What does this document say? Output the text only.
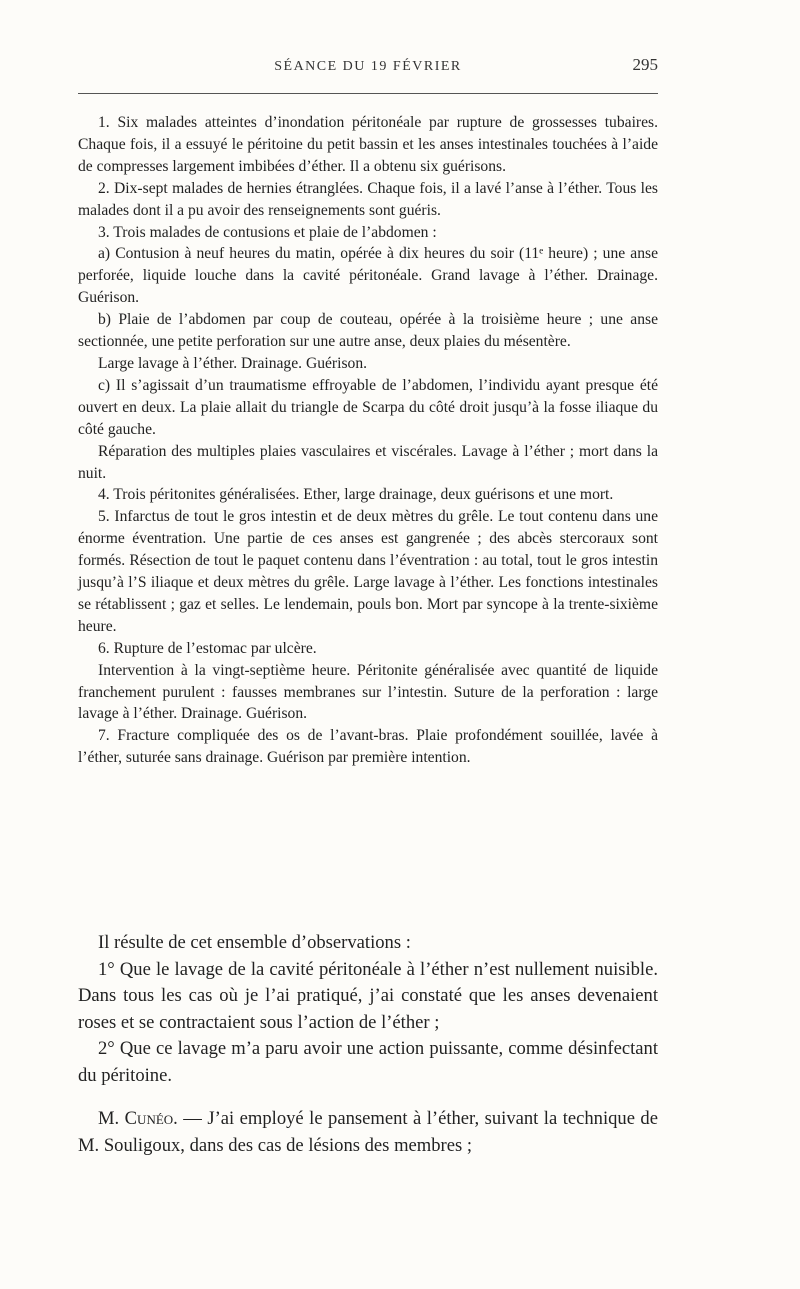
SÉANCE DU 19 FÉVRIER	295

1. Six malades atteintes d’inondation péritonéale par rupture de grossesses tubaires. Chaque fois, il a essuyé le péritoine du petit bassin et les anses intestinales touchées à l’aide de compresses largement imbibées d’éther. Il a obtenu six guérisons.

2. Dix-sept malades de hernies étranglées. Chaque fois, il a lavé l’anse à l’éther. Tous les malades dont il a pu avoir des renseignements sont guéris.

3. Trois malades de contusions et plaie de l’abdomen :

a) Contusion à neuf heures du matin, opérée à dix heures du soir (11ᵉ heure) ; une anse perforée, liquide louche dans la cavité péritonéale. Grand lavage à l’éther. Drainage. Guérison.

b) Plaie de l’abdomen par coup de couteau, opérée à la troisième heure ; une anse sectionnée, une petite perforation sur une autre anse, deux plaies du mésentère.

Large lavage à l’éther. Drainage. Guérison.

c) Il s’agissait d’un traumatisme effroyable de l’abdomen, l’individu ayant presque été ouvert en deux. La plaie allait du triangle de Scarpa du côté droit jusqu’à la fosse iliaque du côté gauche.

Réparation des multiples plaies vasculaires et viscérales. Lavage à l’éther ; mort dans la nuit.

4. Trois péritonites généralisées. Ether, large drainage, deux guérisons et une mort.

5. Infarctus de tout le gros intestin et de deux mètres du grêle. Le tout contenu dans une énorme éventration. Une partie de ces anses est gangrenée ; des abcès stercoraux sont formés. Résection de tout le paquet contenu dans l’éventration : au total, tout le gros intestin jusqu’à l’S iliaque et deux mètres du grêle. Large lavage à l’éther. Les fonctions intestinales se rétablissent ; gaz et selles. Le lendemain, pouls bon. Mort par syncope à la trente-sixième heure.

6. Rupture de l’estomac par ulcère.

Intervention à la vingt-septième heure. Péritonite généralisée avec quantité de liquide franchement purulent : fausses membranes sur l’intestin. Suture de la perforation : large lavage à l’éther. Drainage. Guérison.

7. Fracture compliquée des os de l’avant-bras. Plaie profondément souillée, lavée à l’éther, suturée sans drainage. Guérison par première intention.

Il résulte de cet ensemble d’observations :

1° Que le lavage de la cavité péritonéale à l’éther n’est nullement nuisible. Dans tous les cas où je l’ai pratiqué, j’ai constaté que les anses devenaient roses et se contractaient sous l’action de l’éther ;

2° Que ce lavage m’a paru avoir une action puissante, comme désinfectant du péritoine.

M. Cunéo. — J’ai employé le pansement à l’éther, suivant la technique de M. Souligoux, dans des cas de lésions des membres ;
